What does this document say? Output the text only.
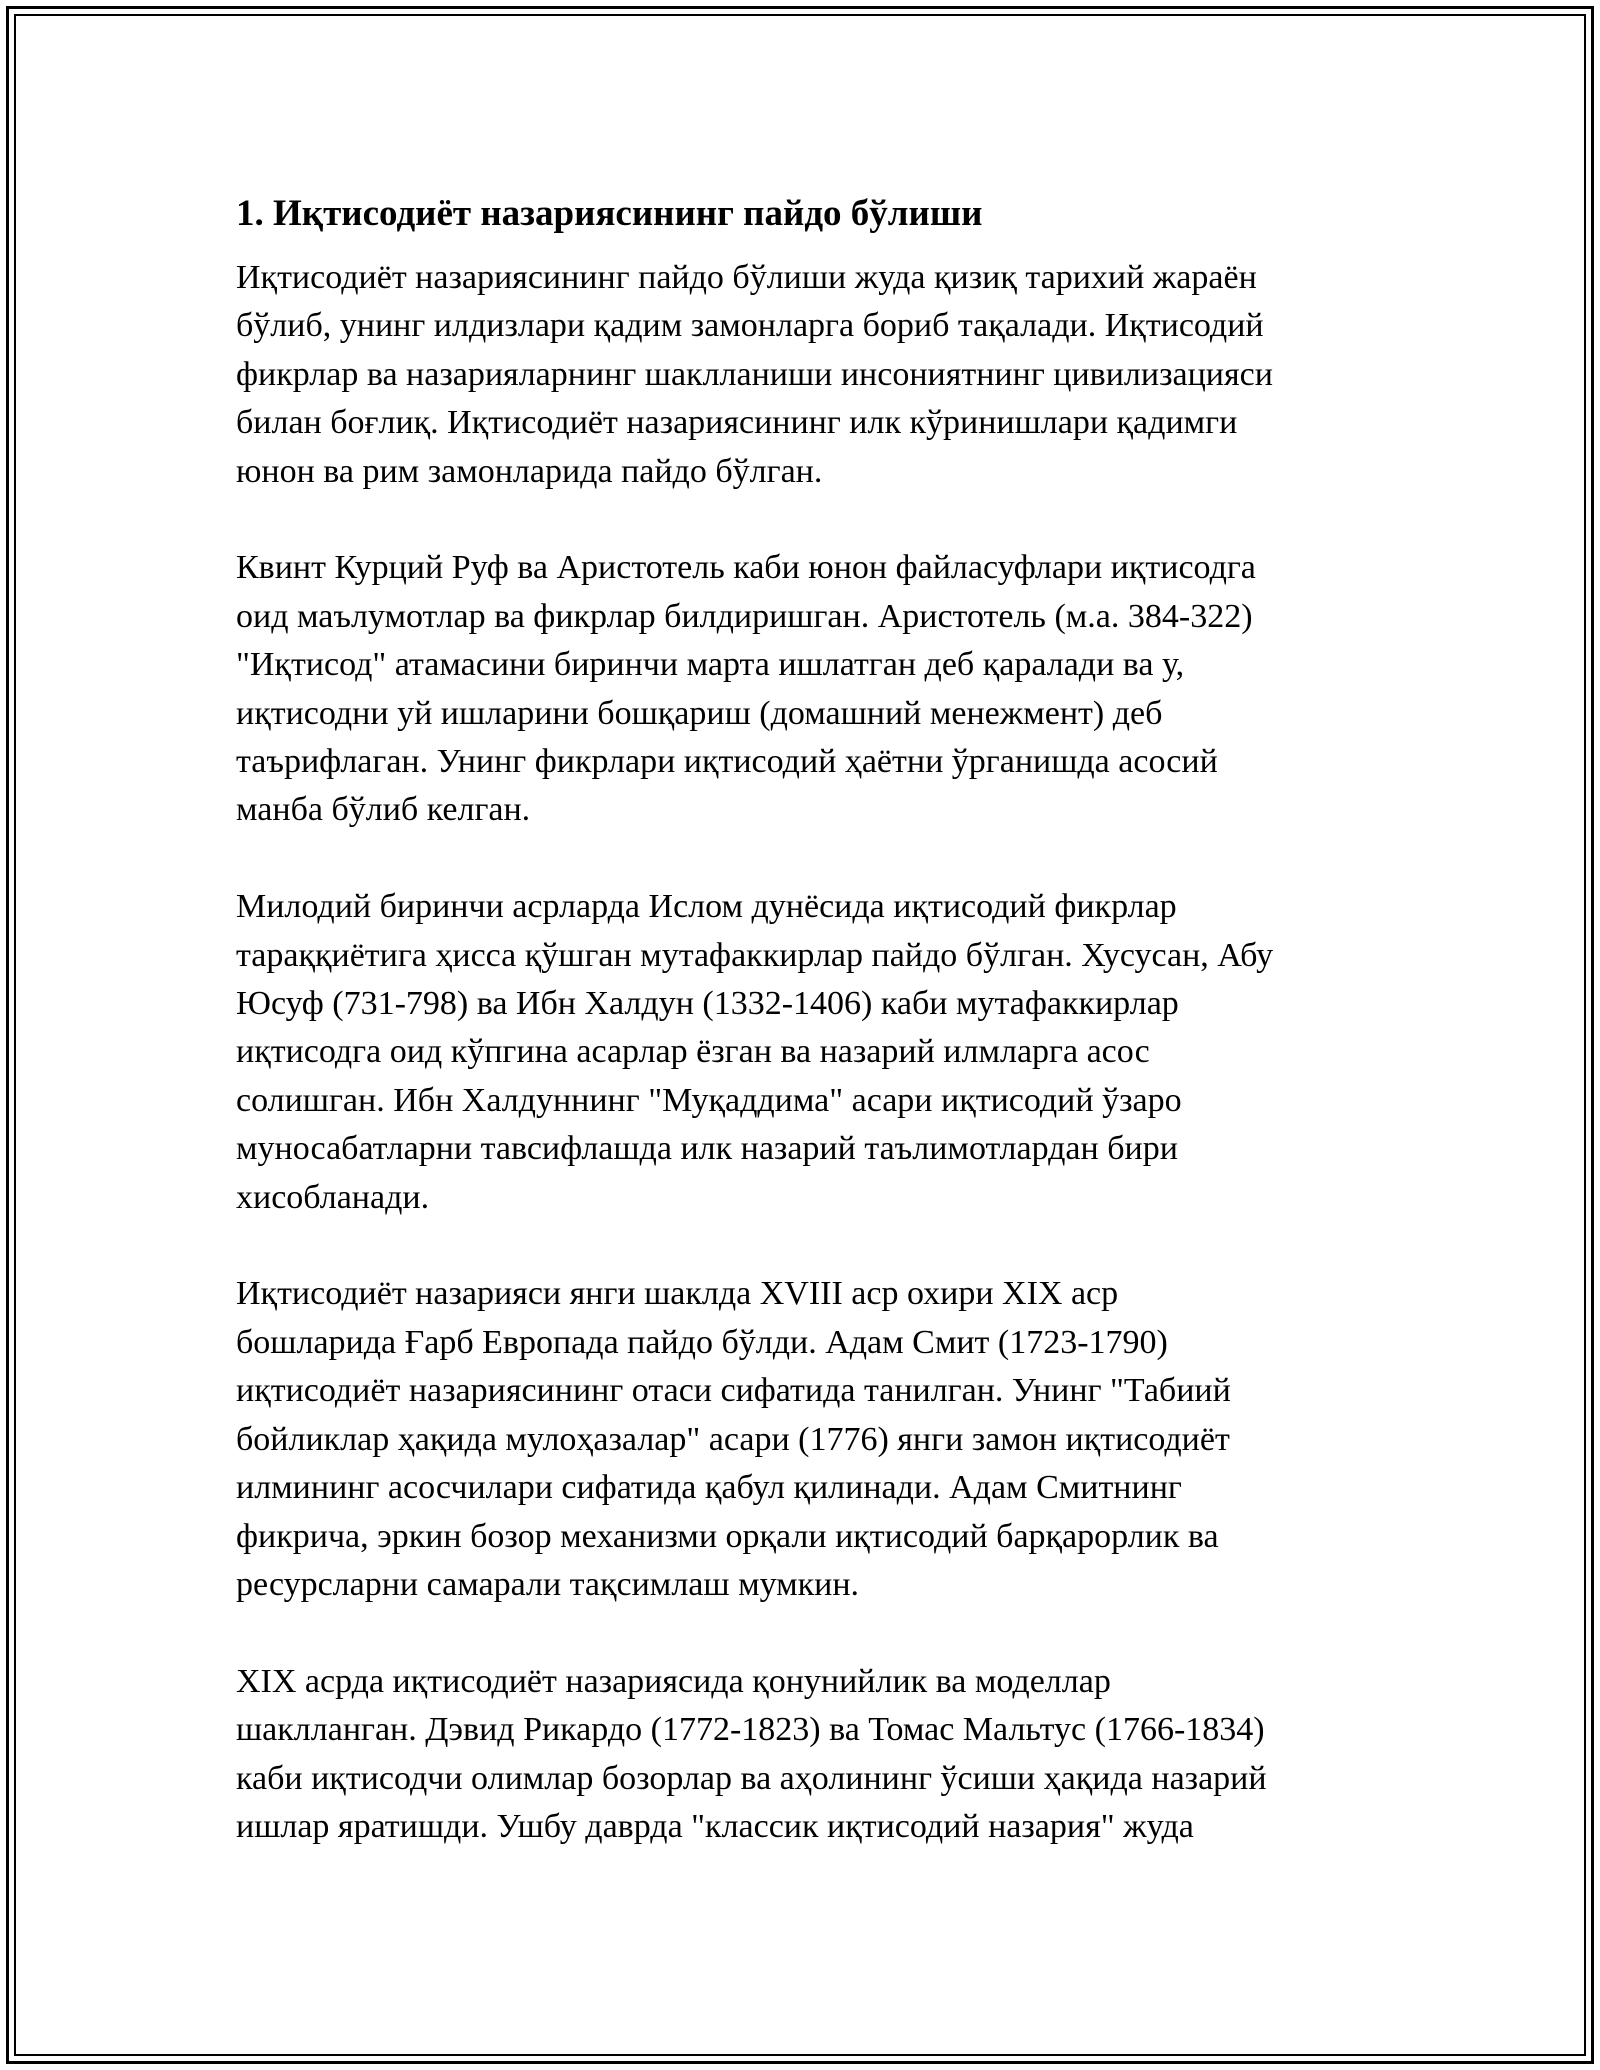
1. Иқтисодиёт назариясининг пайдо бўлиши

Иқтисодиёт назариясининг пайдо бўлиши жуда қизиқ тарихий жараён
бўлиб, унинг илдизлари қадим замонларга бориб тақалади. Иқтисодий
фикрлар ва назарияларнинг шаклланиши инсониятнинг цивилизацияси
билан боғлиқ. Иқтисодиёт назариясининг илк кўринишлари қадимги
юнон ва рим замонларида пайдо бўлган.

Квинт Курций Руф ва Аристотель каби юнон файласуфлари иқтисодга
оид маълумотлар ва фикрлар билдиришган. Аристотель (м.а. 384-322)
"Иқтисод" атамасини биринчи марта ишлатган деб қаралади ва у,
иқтисодни уй ишларини бошқариш (домашний менежмент) деб
таърифлаган. Унинг фикрлари иқтисодий ҳаётни ўрганишда асосий
манба бўлиб келган.

Милодий биринчи асрларда Ислом дунёсида иқтисодий фикрлар
тараққиётига ҳисса қўшган мутафаккирлар пайдо бўлган. Хусусан, Абу
Юсуф (731-798) ва Ибн Халдун (1332-1406) каби мутафаккирлар
иқтисодга оид кўпгина асарлар ёзган ва назарий илмларга асос
солишган. Ибн Халдуннинг "Муқаддима" асари иқтисодий ўзаро
муносабатларни тавсифлашда илк назарий таълимотлардан бири
хисобланади.

Иқтисодиёт назарияси янги шаклда XVIII аср охири XIX аср
бошларида Ғарб Европада пайдо бўлди. Адам Смит (1723-1790)
иқтисодиёт назариясининг отаси сифатида танилган. Унинг "Табиий
бойликлар ҳақида мулоҳазалар" асари (1776) янги замон иқтисодиёт
илмининг асосчилари сифатида қабул қилинади. Адам Смитнинг
фикрича, эркин бозор механизми орқали иқтисодий барқарорлик ва
ресурсларни самарали тақсимлаш мумкин.

XIX асрда иқтисодиёт назариясида қонунийлик ва моделлар
шаклланган. Дэвид Рикардо (1772-1823) ва Томас Мальтус (1766-1834)
каби иқтисодчи олимлар бозорлар ва аҳолининг ўсиши ҳақида назарий
ишлар яратишди. Ушбу даврда "классик иқтисодий назария" жуда
